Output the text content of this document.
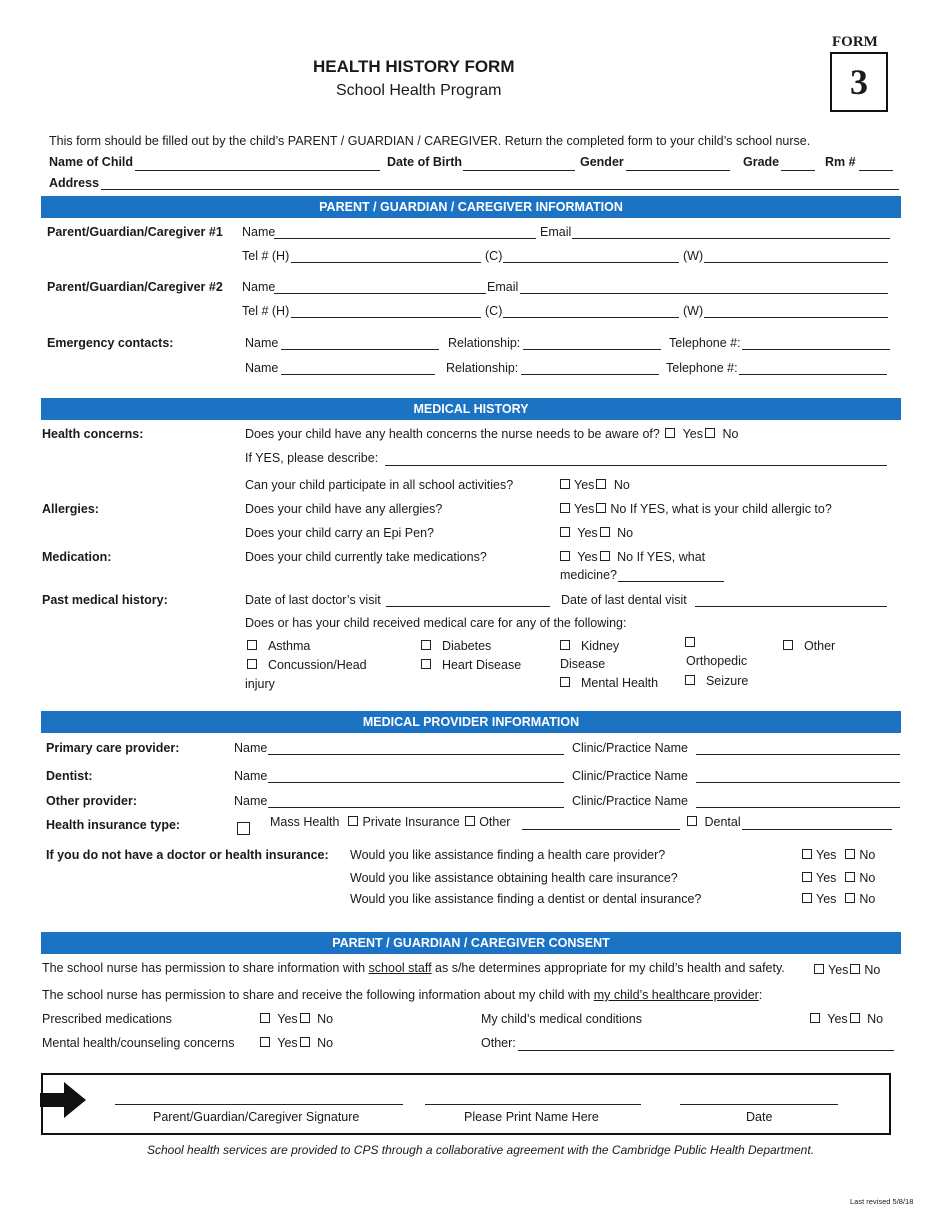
FORM
3
HEALTH HISTORY FORM
School Health Program
This form should be filled out by the child’s PARENT / GUARDIAN / CAREGIVER. Return the completed form to your child’s school nurse.
Name of Child	Date of Birth	Gender	Grade	Rm #
Address
PARENT / GUARDIAN / CAREGIVER INFORMATION
Parent/Guardian/Caregiver #1 Name	Email
Tel # (H)	(C)	(W)
Parent/Guardian/Caregiver #2 Name	Email
Tel # (H)	(C)	(W)
Emergency contacts:	Name	Relationship:	Telephone #:
Name	Relationship:	Telephone #:
MEDICAL HISTORY
Health concerns:	Does your child have any health concerns the nurse needs to be aware of? Yes No
If YES, please describe:
Can your child participate in all school activities?	Yes No
Allergies:	Does your child have any allergies?	Yes No If YES, what is your child allergic to?
Does your child carry an Epi Pen?	Yes No
Medication:	Does your child currently take medications?	Yes No If YES, what
medicine?
Past medical history:	Date of last doctor’s visit	Date of last dental visit
Does or has your child received medical care for any of the following:
Asthma
Concussion/Head
injury
Diabetes
Heart Disease
Kidney
Disease
Mental Health
Orthopedic
Seizure
Other
MEDICAL PROVIDER INFORMATION
Primary care provider:	Name	Clinic/Practice Name
Dentist:	Name	Clinic/Practice Name
Other provider:	Name	Clinic/Practice Name
Health insurance type:	Mass Health Private Insurance Other	Dental
If you do not have a doctor or health insurance: Would you like assistance finding a health care provider?	Yes No
Would you like assistance obtaining health care insurance?	Yes No
Would you like assistance finding a dentist or dental insurance?	Yes No
PARENT / GUARDIAN / CAREGIVER CONSENT
The school nurse has permission to share information with school staff as s/he determines appropriate for my child’s health and safety.	Yes No
The school nurse has permission to share and receive the following information about my child with my child’s healthcare provider:
Prescribed medications	Yes No	My child’s medical conditions	Yes No
Mental health/counseling concerns	Yes No	Other:
Parent/Guardian/Caregiver Signature	Please Print Name Here	Date
School health services are provided to CPS through a collaborative agreement with the Cambridge Public Health Department.
Last revised 5/8/18
